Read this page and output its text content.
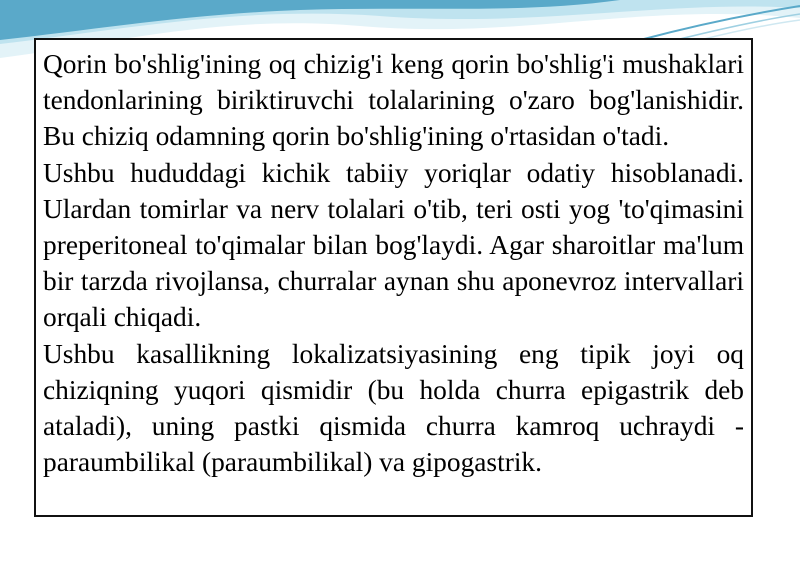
Qorin bo'shlig'ining oq chizig'i keng qorin bo'shlig'i mushaklari tendonlarining biriktiruvchi tolalarining o'zaro bog'lanishidir. Bu chiziq odamning qorin bo'shlig'ining o'rtasidan o'tadi.

Ushbu hududdagi kichik tabiiy yoriqlar odatiy hisoblanadi. Ulardan tomirlar va nerv tolalari o'tib, teri osti yog 'to'qimasini preperitoneal to'qimalar bilan bog'laydi. Agar sharoitlar ma'lum bir tarzda rivojlansa, churralar aynan shu aponevroz intervallari orqali chiqadi.

Ushbu kasallikning lokalizatsiyasining eng tipik joyi oq chiziqning yuqori qismidir (bu holda churra epigastrik deb ataladi), uning pastki qismida churra kamroq uchraydi - paraumbilikal (paraumbilikal) va gipogastrik.
